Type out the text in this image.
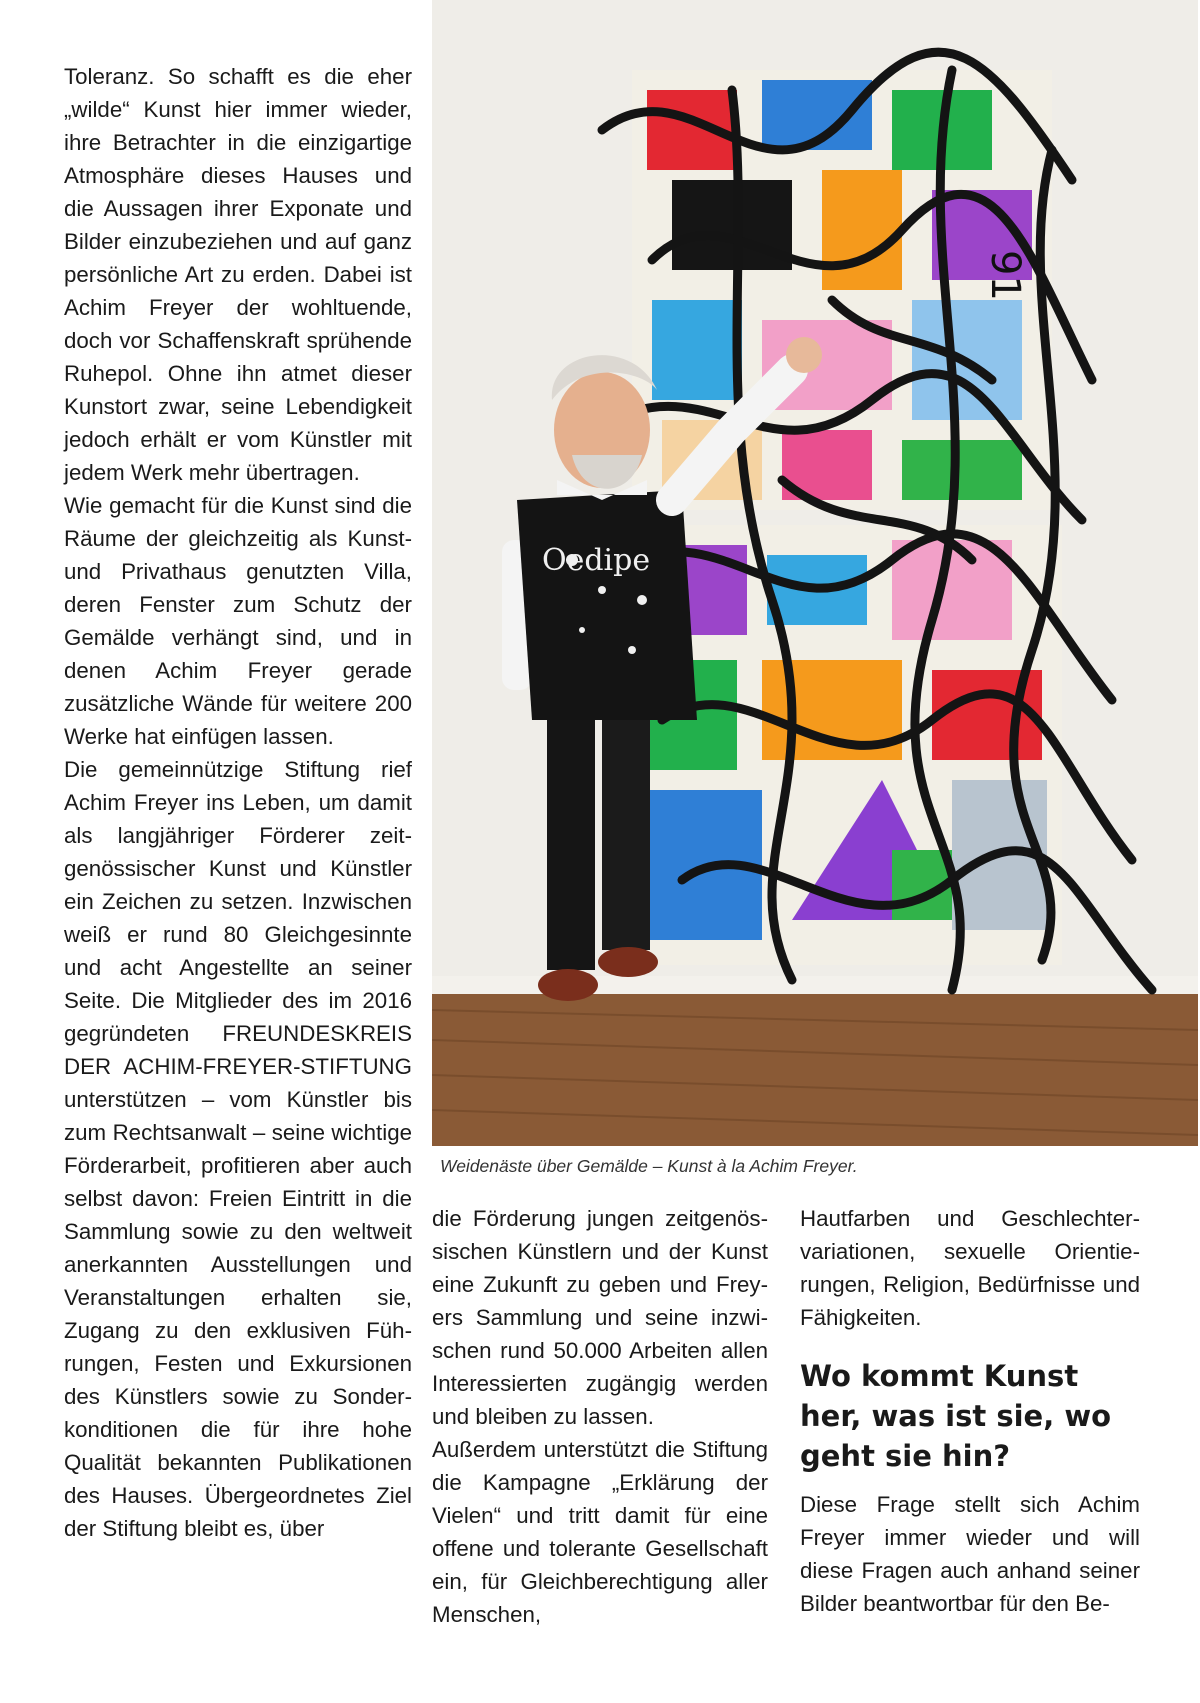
Toleranz. So schafft es die eher „wilde“ Kunst hier immer wieder, ihre Betrachter in die einzigartige Atmosphäre dieses Hauses und die Aussagen ihrer Exponate und Bilder einzubeziehen und auf ganz persönliche Art zu erden. Dabei ist Achim Freyer der wohltuende, doch vor Schaffenskraft sprühende Ruhepol. Ohne ihn atmet dieser Kunstort zwar, seine Lebendigkeit jedoch erhält er vom Künstler mit jedem Werk mehr übertragen.

Wie gemacht für die Kunst sind die Räume der gleichzeitig als Kunst- und Privathaus genutzten Villa, deren Fenster zum Schutz der Gemälde verhängt sind, und in denen Achim Freyer gerade zusätzliche Wände für weitere 200 Werke hat einfügen lassen.

Die gemeinnützige Stiftung rief Achim Freyer ins Leben, um damit als langjähriger Förderer zeitgenössischer Kunst und Künstler ein Zeichen zu setzen. Inzwischen weiß er rund 80 Gleichgesinnte und acht Angestellte an seiner Seite. Die Mitglieder des im 2016 gegründeten FREUNDESKREIS DER ACHIM-FREYER-STIFTUNG unterstützen – vom Künstler bis zum Rechtsanwalt – seine wichtige Förderarbeit, profitieren aber auch selbst davon: Freien Eintritt in die Sammlung sowie zu den weltweit anerkannten Ausstellungen und Veranstaltungen erhalten sie, Zugang zu den exklusiven Führungen, Festen und Exkursionen des Künstlers sowie zu Sonderkonditionen die für ihre hohe Qualität bekannten Publikationen des Hauses. Übergeordnetes Ziel der Stiftung bleibt es, über

91
Oedipe
Weidenäste über Gemälde – Kunst à la Achim Freyer.

die Förderung jungen zeitgenössischen Künstlern und der Kunst eine Zukunft zu geben und Freyers Sammlung und seine inzwischen rund 50.000 Arbeiten allen Interessierten zugängig werden und bleiben zu lassen.

Außerdem unterstützt die Stiftung die Kampagne „Erklärung der Vielen“ und tritt damit für eine offene und tolerante Gesellschaft ein, für Gleichberechtigung aller Menschen,

Hautfarben und Geschlechtervariationen, sexuelle Orientierungen, Religion, Bedürfnisse und Fähigkeiten.

Wo kommt Kunst her, was ist sie, wo geht sie hin?

Diese Frage stellt sich Achim Freyer immer wieder und will diese Fragen auch anhand seiner Bilder beantwortbar für den Be-
